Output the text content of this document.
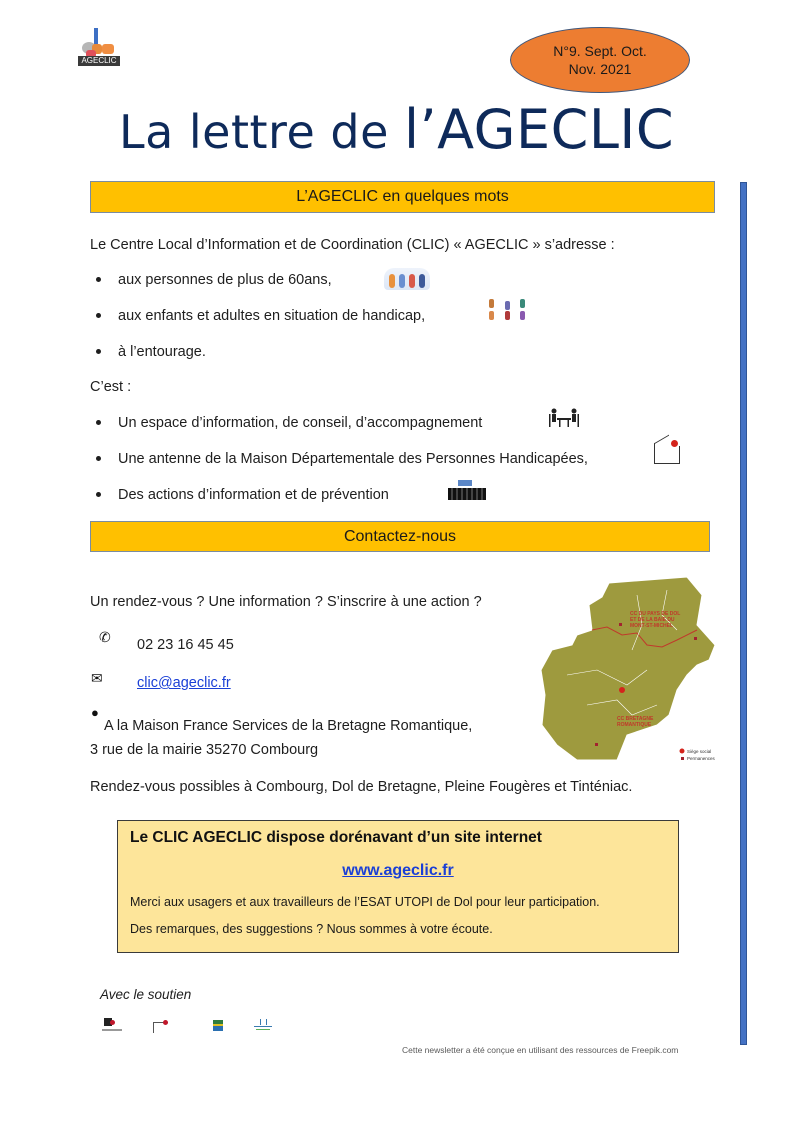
AGECLIC
N°9. Sept. Oct.
Nov. 2021
La lettre de l’AGECLIC
L’AGECLIC en quelques mots
Le Centre Local d’Information et de Coordination (CLIC) « AGECLIC » s’adresse :
aux personnes de plus de 60ans,
aux enfants et adultes en situation de handicap,
à l’entourage.
C’est :
Un espace d’information, de conseil, d’accompagnement
Une antenne de la Maison Départementale des Personnes Handicapées,
Des actions d’information et de prévention
Contactez-nous
Un rendez-vous ? Une information ? S’inscrire à une action ?
✆ 02 23 16 45 45
✉ clic@ageclic.fr
●
A la Maison France Services de la Bretagne Romantique,
3 rue de la mairie 35270 Combourg
Rendez-vous possibles à Combourg, Dol de Bretagne, Pleine Fougères et Tinténiac.
CC DU PAYS DE DOL
ET DE LA BAIE DU
MONT-ST-MICHEL
CC BRETAGNE
ROMANTIQUE
Siège social
Permanences
Le CLIC AGECLIC dispose dorénavant d’un site internet
www.ageclic.fr
Merci aux usagers et aux travailleurs de l’ESAT UTOPI de Dol pour leur participation.
Des remarques, des suggestions ? Nous sommes à votre écoute.
Avec le soutien
Cette newsletter a été conçue en utilisant des ressources de Freepik.com
